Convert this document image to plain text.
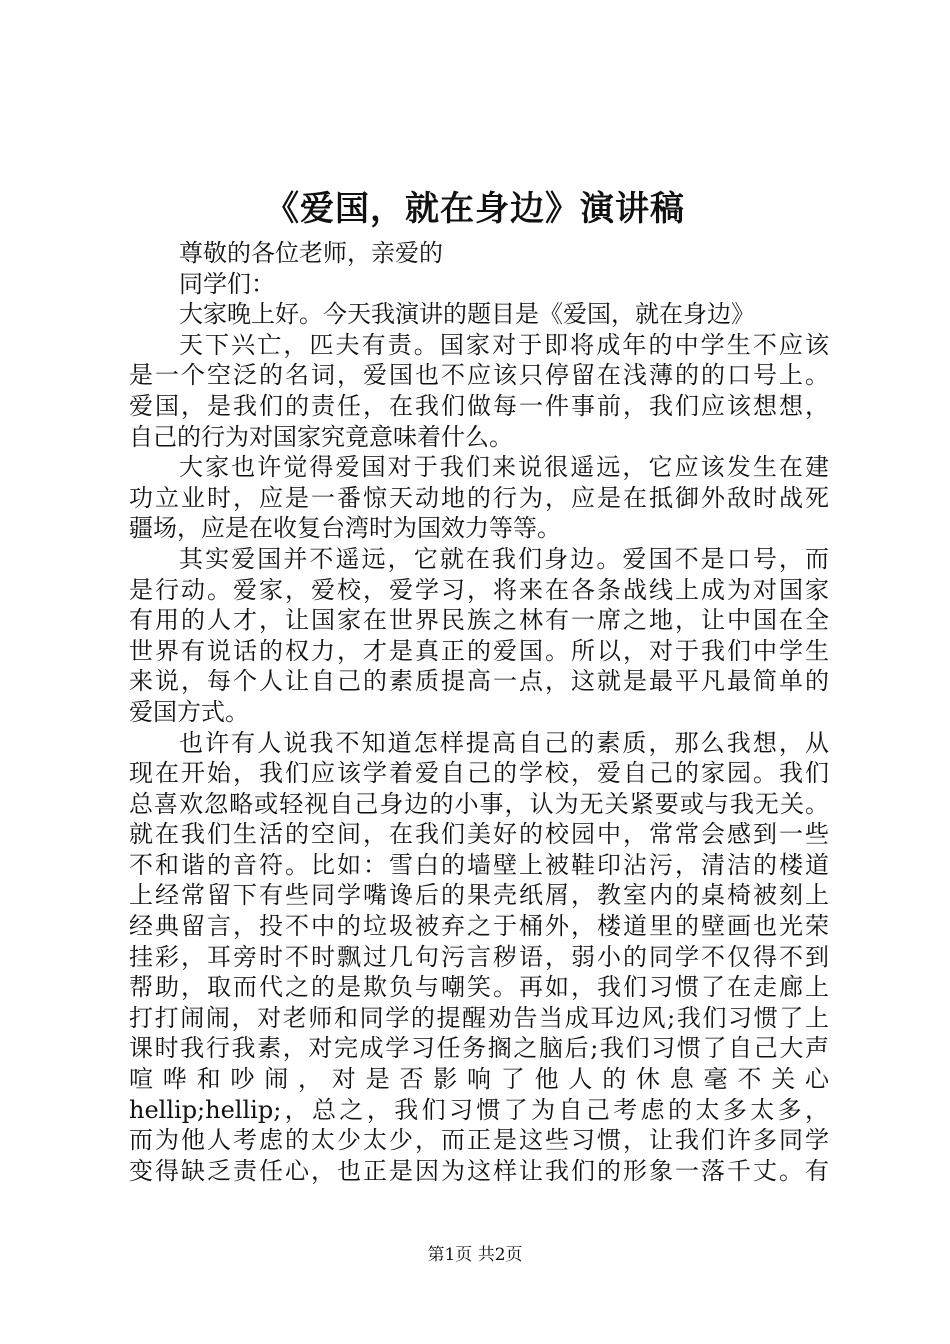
《爱国，就在身边》演讲稿
尊敬的各位老师，亲爱的
同学们：
大家晚上好。今天我演讲的题目是《爱国，就在身边》
天下兴亡，匹夫有责。国家对于即将成年的中学生不应该
是一个空泛的名词，爱国也不应该只停留在浅薄的的口号上。
爱国，是我们的责任，在我们做每一件事前，我们应该想想，
自己的行为对国家究竟意味着什么。
大家也许觉得爱国对于我们来说很遥远，它应该发生在建
功立业时，应是一番惊天动地的行为，应是在抵御外敌时战死
疆场，应是在收复台湾时为国效力等等。
其实爱国并不遥远，它就在我们身边。爱国不是口号，而
是行动。爱家，爱校，爱学习，将来在各条战线上成为对国家
有用的人才，让国家在世界民族之林有一席之地，让中国在全
世界有说话的权力，才是真正的爱国。所以，对于我们中学生
来说，每个人让自己的素质提高一点，这就是最平凡最简单的
爱国方式。
也许有人说我不知道怎样提高自己的素质，那么我想，从
现在开始，我们应该学着爱自己的学校，爱自己的家园。我们
总喜欢忽略或轻视自己身边的小事，认为无关紧要或与我无关。
就在我们生活的空间，在我们美好的校园中，常常会感到一些
不和谐的音符。比如：雪白的墙壁上被鞋印沾污，清洁的楼道
上经常留下有些同学嘴谗后的果壳纸屑，教室内的桌椅被刻上
经典留言，投不中的垃圾被弃之于桶外，楼道里的壁画也光荣
挂彩，耳旁时不时飘过几句污言秽语，弱小的同学不仅得不到
帮助，取而代之的是欺负与嘲笑。再如，我们习惯了在走廊上
打打闹闹，对老师和同学的提醒劝告当成耳边风;我们习惯了上
课时我行我素，对完成学习任务搁之脑后;我们习惯了自己大声
喧 哗 和 吵 闹 ， 对 是 否 影 响 了 他 人 的 休 息 毫 不 关 心
hellip;hellip;，总之，我们习惯了为自己考虑的太多太多，
而为他人考虑的太少太少，而正是这些习惯，让我们许多同学
变得缺乏责任心，也正是因为这样让我们的形象一落千丈。有
第1页 共2页
